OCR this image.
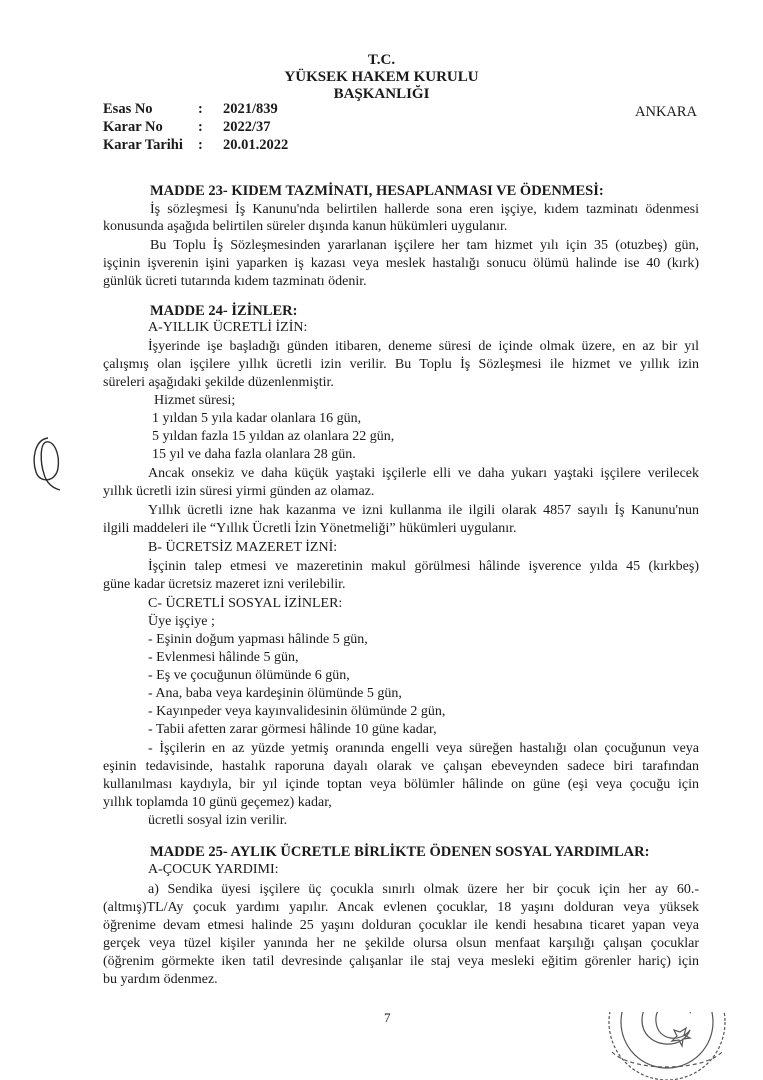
T.C.
YÜKSEK HAKEM KURULU
BAŞKANLIĞI
Esas No	: 2021/839
Karar No : 2022/37
Karar Tarihi : 20.01.2022
ANKARA
MADDE 23- KIDEM TAZMİNATI, HESAPLANMASI VE ÖDENMESİ:
İş sözleşmesi İş Kanunu'nda belirtilen hallerde sona eren işçiye, kıdem tazminatı ödenmesi
konusunda aşağıda belirtilen süreler dışında kanun hükümleri uygulanır.
Bu Toplu İş Sözleşmesinden yararlanan işçilere her tam hizmet yılı için 35 (otuzbeş) gün,
işçinin işverenin işini yaparken iş kazası veya meslek hastalığı sonucu ölümü halinde ise 40 (kırk)
günlük ücreti tutarında kıdem tazminatı ödenir.
MADDE 24- İZİNLER:
A-YILLIK ÜCRETLİ İZİN:
İşyerinde işe başladığı günden itibaren, deneme süresi de içinde olmak üzere, en az bir yıl
çalışmış olan işçilere yıllık ücretli izin verilir. Bu Toplu İş Sözleşmesi ile hizmet ve yıllık izin
süreleri aşağıdaki şekilde düzenlenmiştir.
Hizmet süresi;
1 yıldan 5 yıla kadar olanlara 16 gün,
5 yıldan fazla 15 yıldan az olanlara 22 gün,
15 yıl ve daha fazla olanlara 28 gün.
Ancak onsekiz ve daha küçük yaştaki işçilerle elli ve daha yukarı yaştaki işçilere verilecek
yıllık ücretli izin süresi yirmi günden az olamaz.
Yıllık ücretli izne hak kazanma ve izni kullanma ile ilgili olarak 4857 sayılı İş Kanunu'nun
ilgili maddeleri ile “Yıllık Ücretli İzin Yönetmeliği” hükümleri uygulanır.
B- ÜCRETSİZ MAZERET İZNİ:
İşçinin talep etmesi ve mazeretinin makul görülmesi hâlinde işverence yılda 45 (kırkbeş)
güne kadar ücretsiz mazeret izni verilebilir.
C- ÜCRETLİ SOSYAL İZİNLER:
Üye işçiye ;
- Eşinin doğum yapması hâlinde 5 gün,
- Evlenmesi hâlinde 5 gün,
- Eş ve çocuğunun ölümünde 6 gün,
- Ana, baba veya kardeşinin ölümünde 5 gün,
- Kayınpeder veya kayınvalidesinin ölümünde 2 gün,
- Tabii afetten zarar görmesi hâlinde 10 güne kadar,
- İşçilerin en az yüzde yetmiş oranında engelli veya süreğen hastalığı olan çocuğunun veya
eşinin tedavisinde, hastalık raporuna dayalı olarak ve çalışan ebeveynden sadece biri tarafından
kullanılması kaydıyla, bir yıl içinde toptan veya bölümler hâlinde on güne (eşi veya çocuğu için
yıllık toplamda 10 günü geçemez) kadar,
ücretli sosyal izin verilir.
MADDE 25- AYLIK ÜCRETLE BİRLİKTE ÖDENEN SOSYAL YARDIMLAR:
A-ÇOCUK YARDIMI:
a) Sendika üyesi işçilere üç çocukla sınırlı olmak üzere her bir çocuk için her ay 60.-
(altmış)TL/Ay çocuk yardımı yapılır. Ancak evlenen çocuklar, 18 yaşını dolduran veya yüksek
öğrenime devam etmesi halinde 25 yaşını dolduran çocuklar ile kendi hesabına ticaret yapan veya
gerçek veya tüzel kişiler yanında her ne şekilde olursa olsun menfaat karşılığı çalışan çocuklar
(öğrenim görmekte iken tatil devresinde çalışanlar ile staj veya mesleki eğitim görenler hariç) için
bu yardım ödenmez.
7
